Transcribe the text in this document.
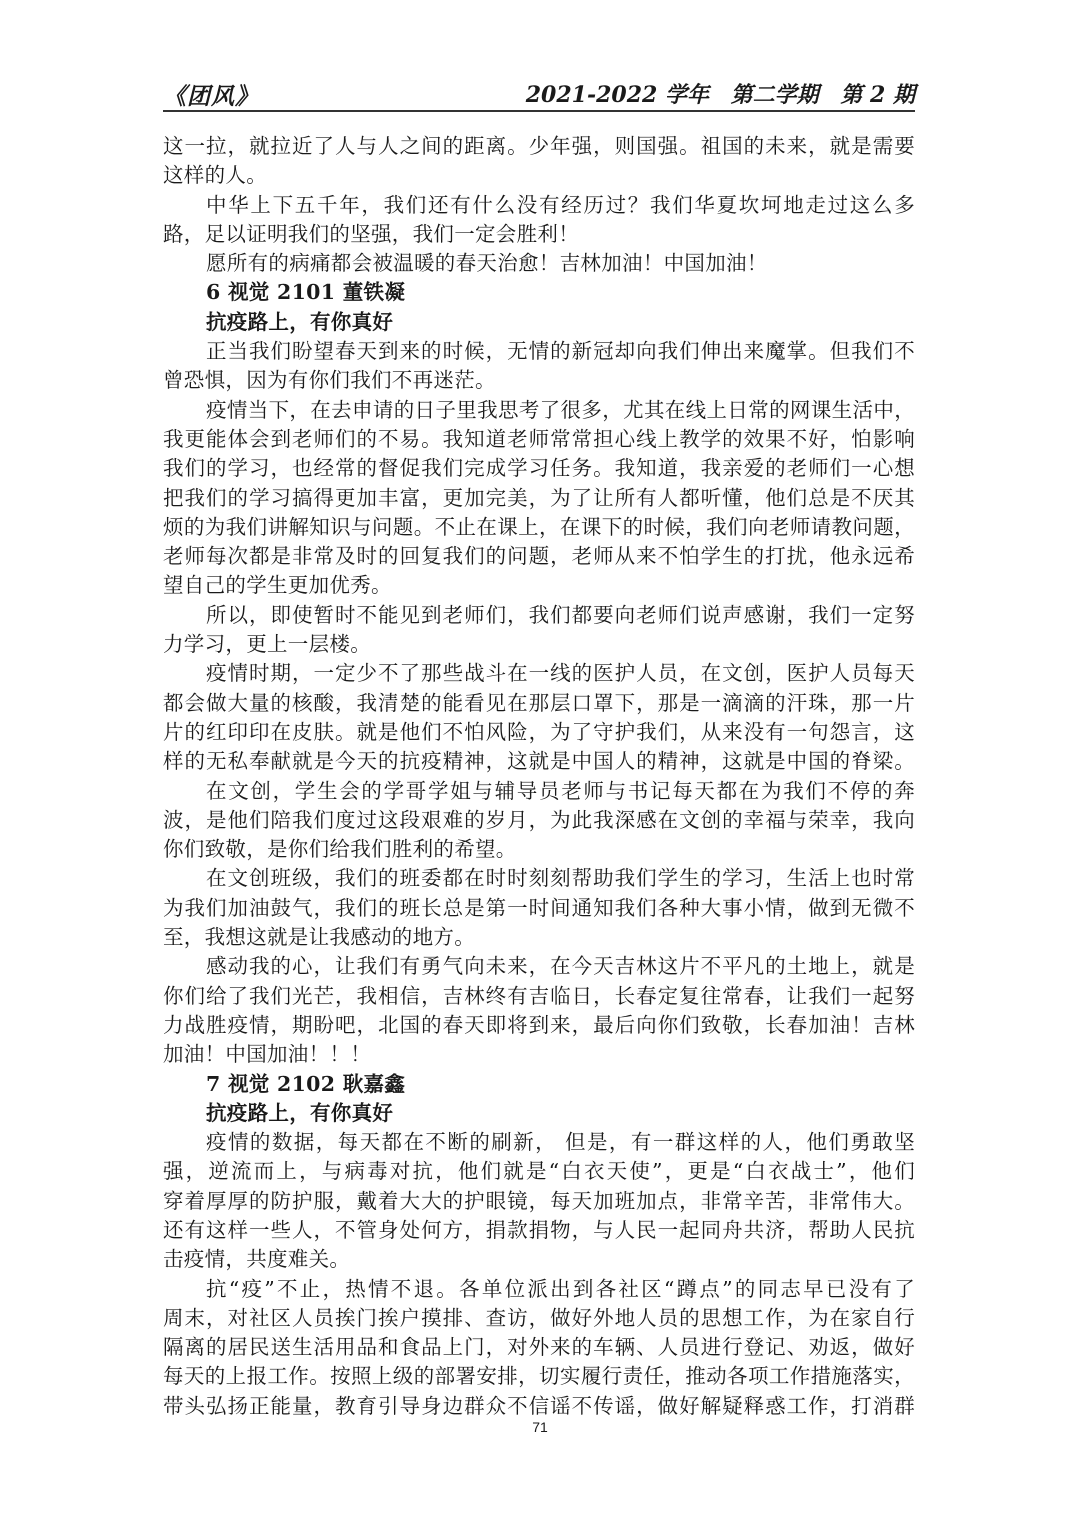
《团风》	2021-2022 学年 第二学期 第 2 期
这一拉，就拉近了人与人之间的距离。少年强，则国强。祖国的未来，就是需要
这样的人。
中华上下五千年，我们还有什么没有经历过？我们华夏坎坷地走过这么多
路，足以证明我们的坚强，我们一定会胜利！
愿所有的病痛都会被温暖的春天治愈！吉林加油！中国加油！
6 视觉 2101 董铁凝
抗疫路上，有你真好
正当我们盼望春天到来的时候，无情的新冠却向我们伸出来魔掌。但我们不
曾恐惧，因为有你们我们不再迷茫。
疫情当下，在去申请的日子里我思考了很多，尤其在线上日常的网课生活中，
我更能体会到老师们的不易。我知道老师常常担心线上教学的效果不好，怕影响
我们的学习，也经常的督促我们完成学习任务。我知道，我亲爱的老师们一心想
把我们的学习搞得更加丰富，更加完美，为了让所有人都听懂，他们总是不厌其
烦的为我们讲解知识与问题。不止在课上，在课下的时候，我们向老师请教问题，
老师每次都是非常及时的回复我们的问题，老师从来不怕学生的打扰，他永远希
望自己的学生更加优秀。
所以，即使暂时不能见到老师们，我们都要向老师们说声感谢，我们一定努
力学习，更上一层楼。
疫情时期，一定少不了那些战斗在一线的医护人员，在文创，医护人员每天
都会做大量的核酸，我清楚的能看见在那层口罩下，那是一滴滴的汗珠，那一片
片的红印印在皮肤。就是他们不怕风险，为了守护我们，从来没有一句怨言，这
样的无私奉献就是今天的抗疫精神，这就是中国人的精神，这就是中国的脊梁。
在文创，学生会的学哥学姐与辅导员老师与书记每天都在为我们不停的奔
波，是他们陪我们度过这段艰难的岁月，为此我深感在文创的幸福与荣幸，我向
你们致敬，是你们给我们胜利的希望。
在文创班级，我们的班委都在时时刻刻帮助我们学生的学习，生活上也时常
为我们加油鼓气，我们的班长总是第一时间通知我们各种大事小情，做到无微不
至，我想这就是让我感动的地方。
感动我的心，让我们有勇气向未来，在今天吉林这片不平凡的土地上，就是
你们给了我们光芒，我相信，吉林终有吉临日，长春定复往常春，让我们一起努
力战胜疫情，期盼吧，北国的春天即将到来，最后向你们致敬，长春加油！吉林
加油！中国加油！！！
7 视觉 2102 耿嘉鑫
抗疫路上，有你真好
疫情的数据，每天都在不断的刷新， 但是，有一群这样的人，他们勇敢坚
强，逆流而上，与病毒对抗，他们就是“白衣天使”，更是“白衣战士”，他们
穿着厚厚的防护服，戴着大大的护眼镜，每天加班加点，非常辛苦，非常伟大。
还有这样一些人，不管身处何方，捐款捐物，与人民一起同舟共济，帮助人民抗
击疫情，共度难关。
抗“疫”不止，热情不退。各单位派出到各社区“蹲点”的同志早已没有了
周末，对社区人员挨门挨户摸排、查访，做好外地人员的思想工作，为在家自行
隔离的居民送生活用品和食品上门，对外来的车辆、人员进行登记、劝返，做好
每天的上报工作。按照上级的部署安排，切实履行责任，推动各项工作措施落实，
带头弘扬正能量，教育引导身边群众不信谣不传谣，做好解疑释惑工作，打消群
71
